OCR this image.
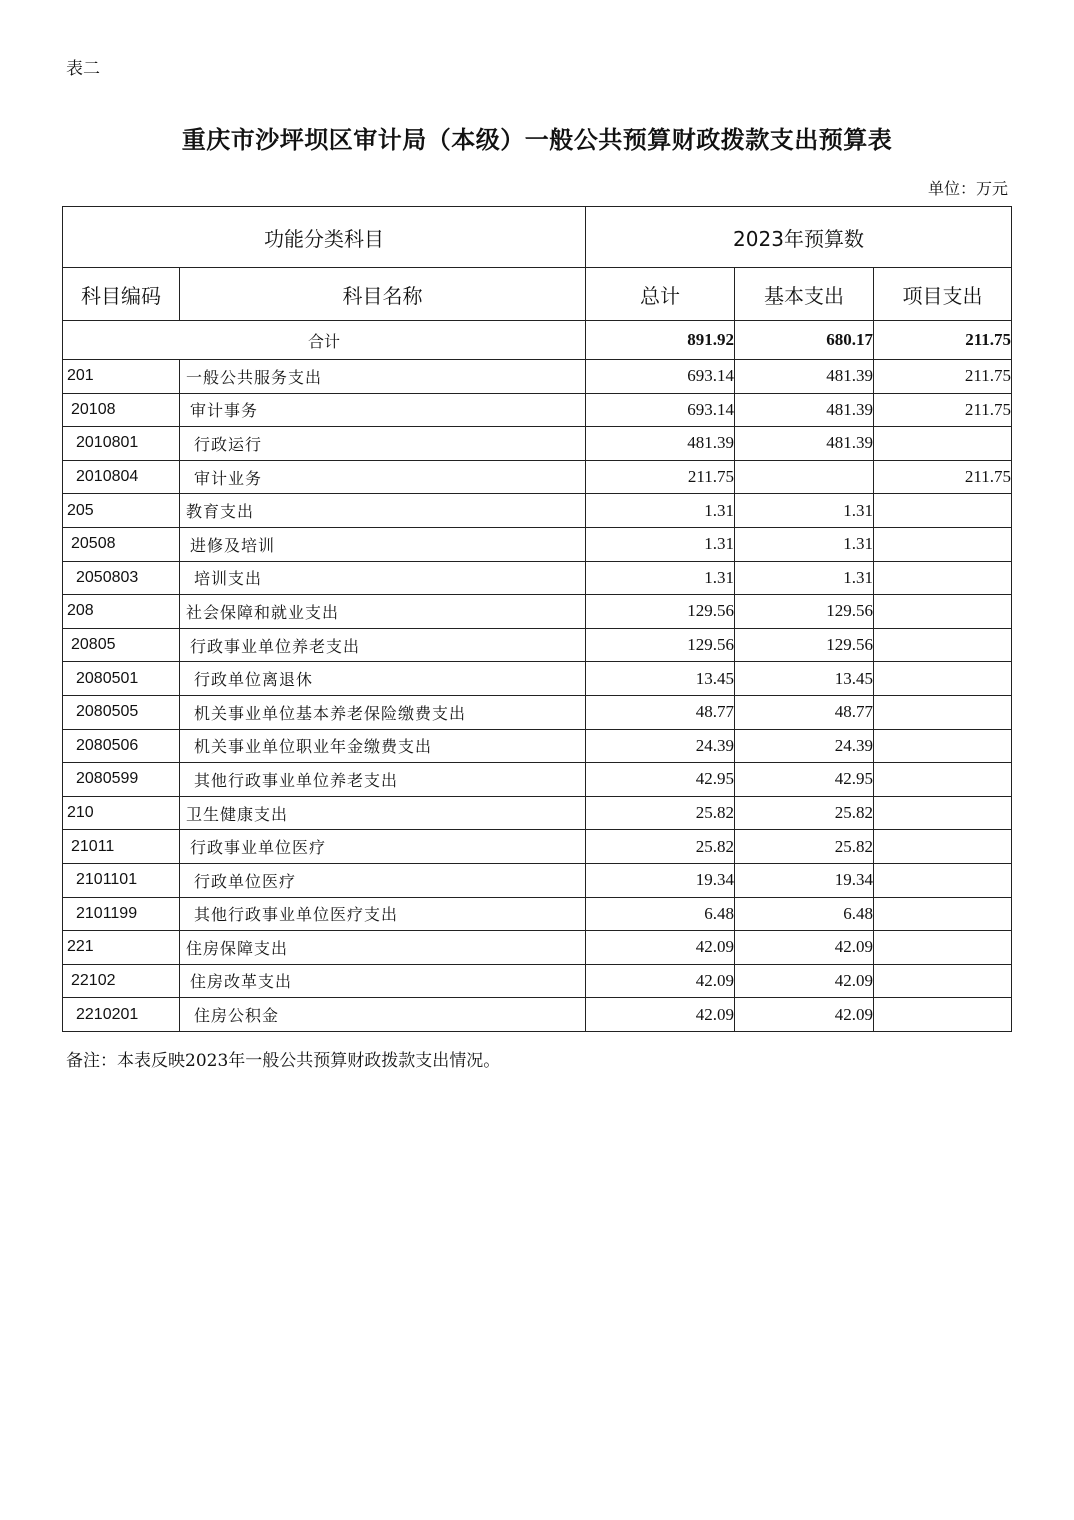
表二
重庆市沙坪坝区审计局（本级）一般公共预算财政拨款支出预算表
单位：万元
功能分类科目		2023年预算数		
科目编码	科目名称	总计	基本支出	项目支出
合计		891.92	680.17	211.75
201	一般公共服务支出	693.14	481.39	211.75
20108	审计事务	693.14	481.39	211.75
2010801	行政运行	481.39	481.39	
2010804	审计业务	211.75		211.75
205	教育支出	1.31	1.31	
20508	进修及培训	1.31	1.31	
2050803	培训支出	1.31	1.31	
208	社会保障和就业支出	129.56	129.56	
20805	行政事业单位养老支出	129.56	129.56	
2080501	行政单位离退休	13.45	13.45	
2080505	机关事业单位基本养老保险缴费支出	48.77	48.77	
2080506	机关事业单位职业年金缴费支出	24.39	24.39	
2080599	其他行政事业单位养老支出	42.95	42.95	
210	卫生健康支出	25.82	25.82	
21011	行政事业单位医疗	25.82	25.82	
2101101	行政单位医疗	19.34	19.34	
2101199	其他行政事业单位医疗支出	6.48	6.48	
221	住房保障支出	42.09	42.09	
22102	住房改革支出	42.09	42.09	
2210201	住房公积金	42.09	42.09	
备注：本表反映2023年一般公共预算财政拨款支出情况。
